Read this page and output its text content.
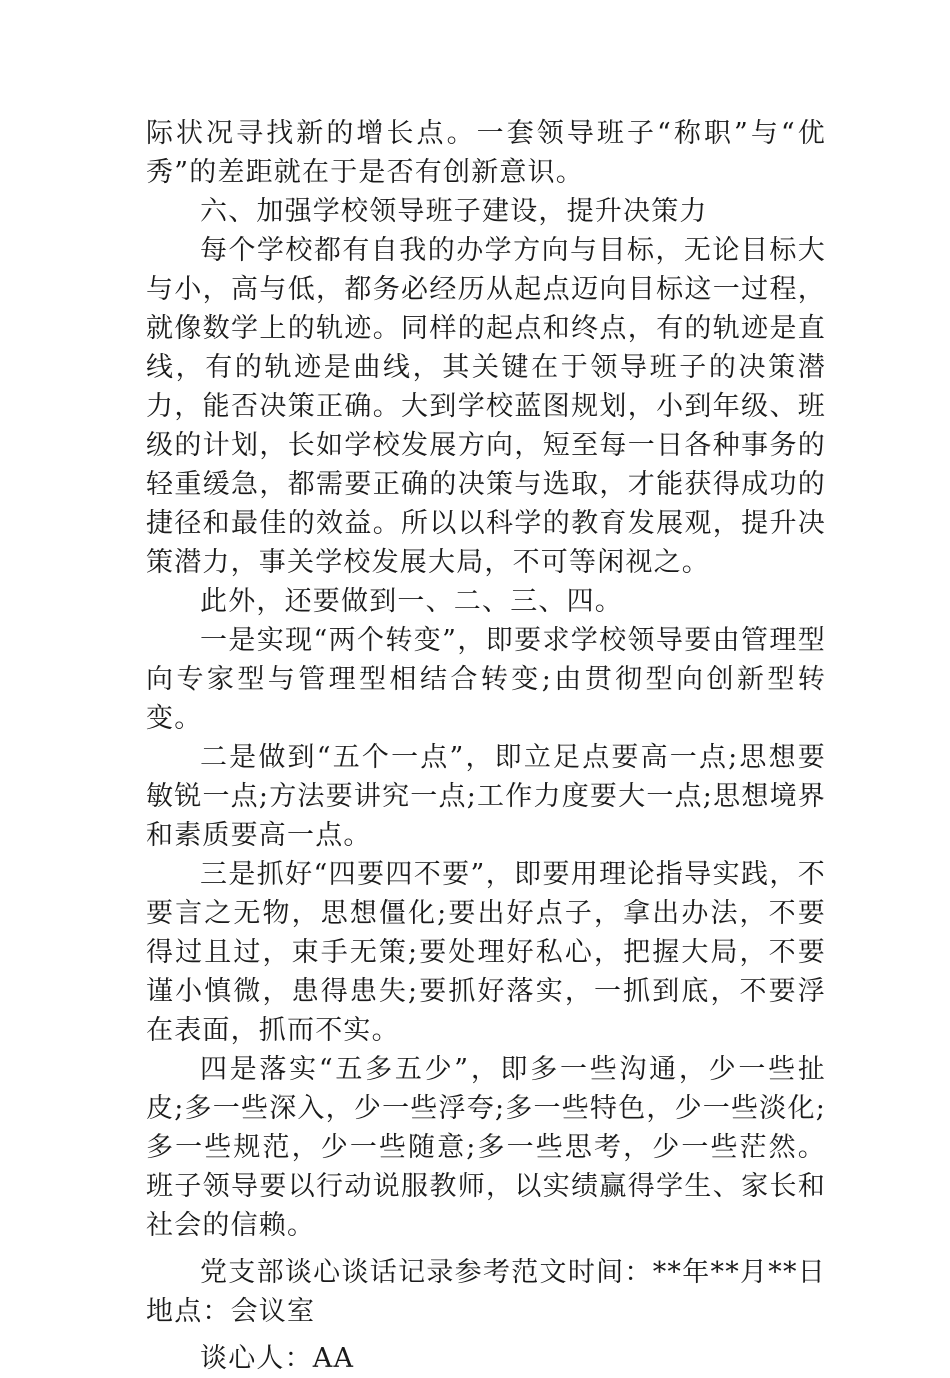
际状况寻找新的增长点。一套领导班子“称职”与“优秀”的差距就在于是否有创新意识。

六、加强学校领导班子建设，提升决策力

每个学校都有自我的办学方向与目标，无论目标大与小，高与低，都务必经历从起点迈向目标这一过程，就像数学上的轨迹。同样的起点和终点，有的轨迹是直线，有的轨迹是曲线，其关键在于领导班子的决策潜力，能否决策正确。大到学校蓝图规划，小到年级、班级的计划，长如学校发展方向，短至每一日各种事务的轻重缓急，都需要正确的决策与选取，才能获得成功的捷径和最佳的效益。所以以科学的教育发展观，提升决策潜力，事关学校发展大局，不可等闲视之。

此外，还要做到一、二、三、四。

一是实现“两个转变”，即要求学校领导要由管理型向专家型与管理型相结合转变;由贯彻型向创新型转变。

二是做到“五个一点”，即立足点要高一点;思想要敏锐一点;方法要讲究一点;工作力度要大一点;思想境界和素质要高一点。

三是抓好“四要四不要”，即要用理论指导实践，不要言之无物，思想僵化;要出好点子，拿出办法，不要得过且过，束手无策;要处理好私心，把握大局，不要谨小慎微，患得患失;要抓好落实，一抓到底，不要浮在表面，抓而不实。

四是落实“五多五少”，即多一些沟通，少一些扯皮;多一些深入，少一些浮夸;多一些特色，少一些淡化;多一些规范，少一些随意;多一些思考，少一些茫然。班子领导要以行动说服教师，以实绩赢得学生、家长和社会的信赖。

党支部谈心谈话记录参考范文时间：**年**月**日地点：会议室

谈心人：AA
